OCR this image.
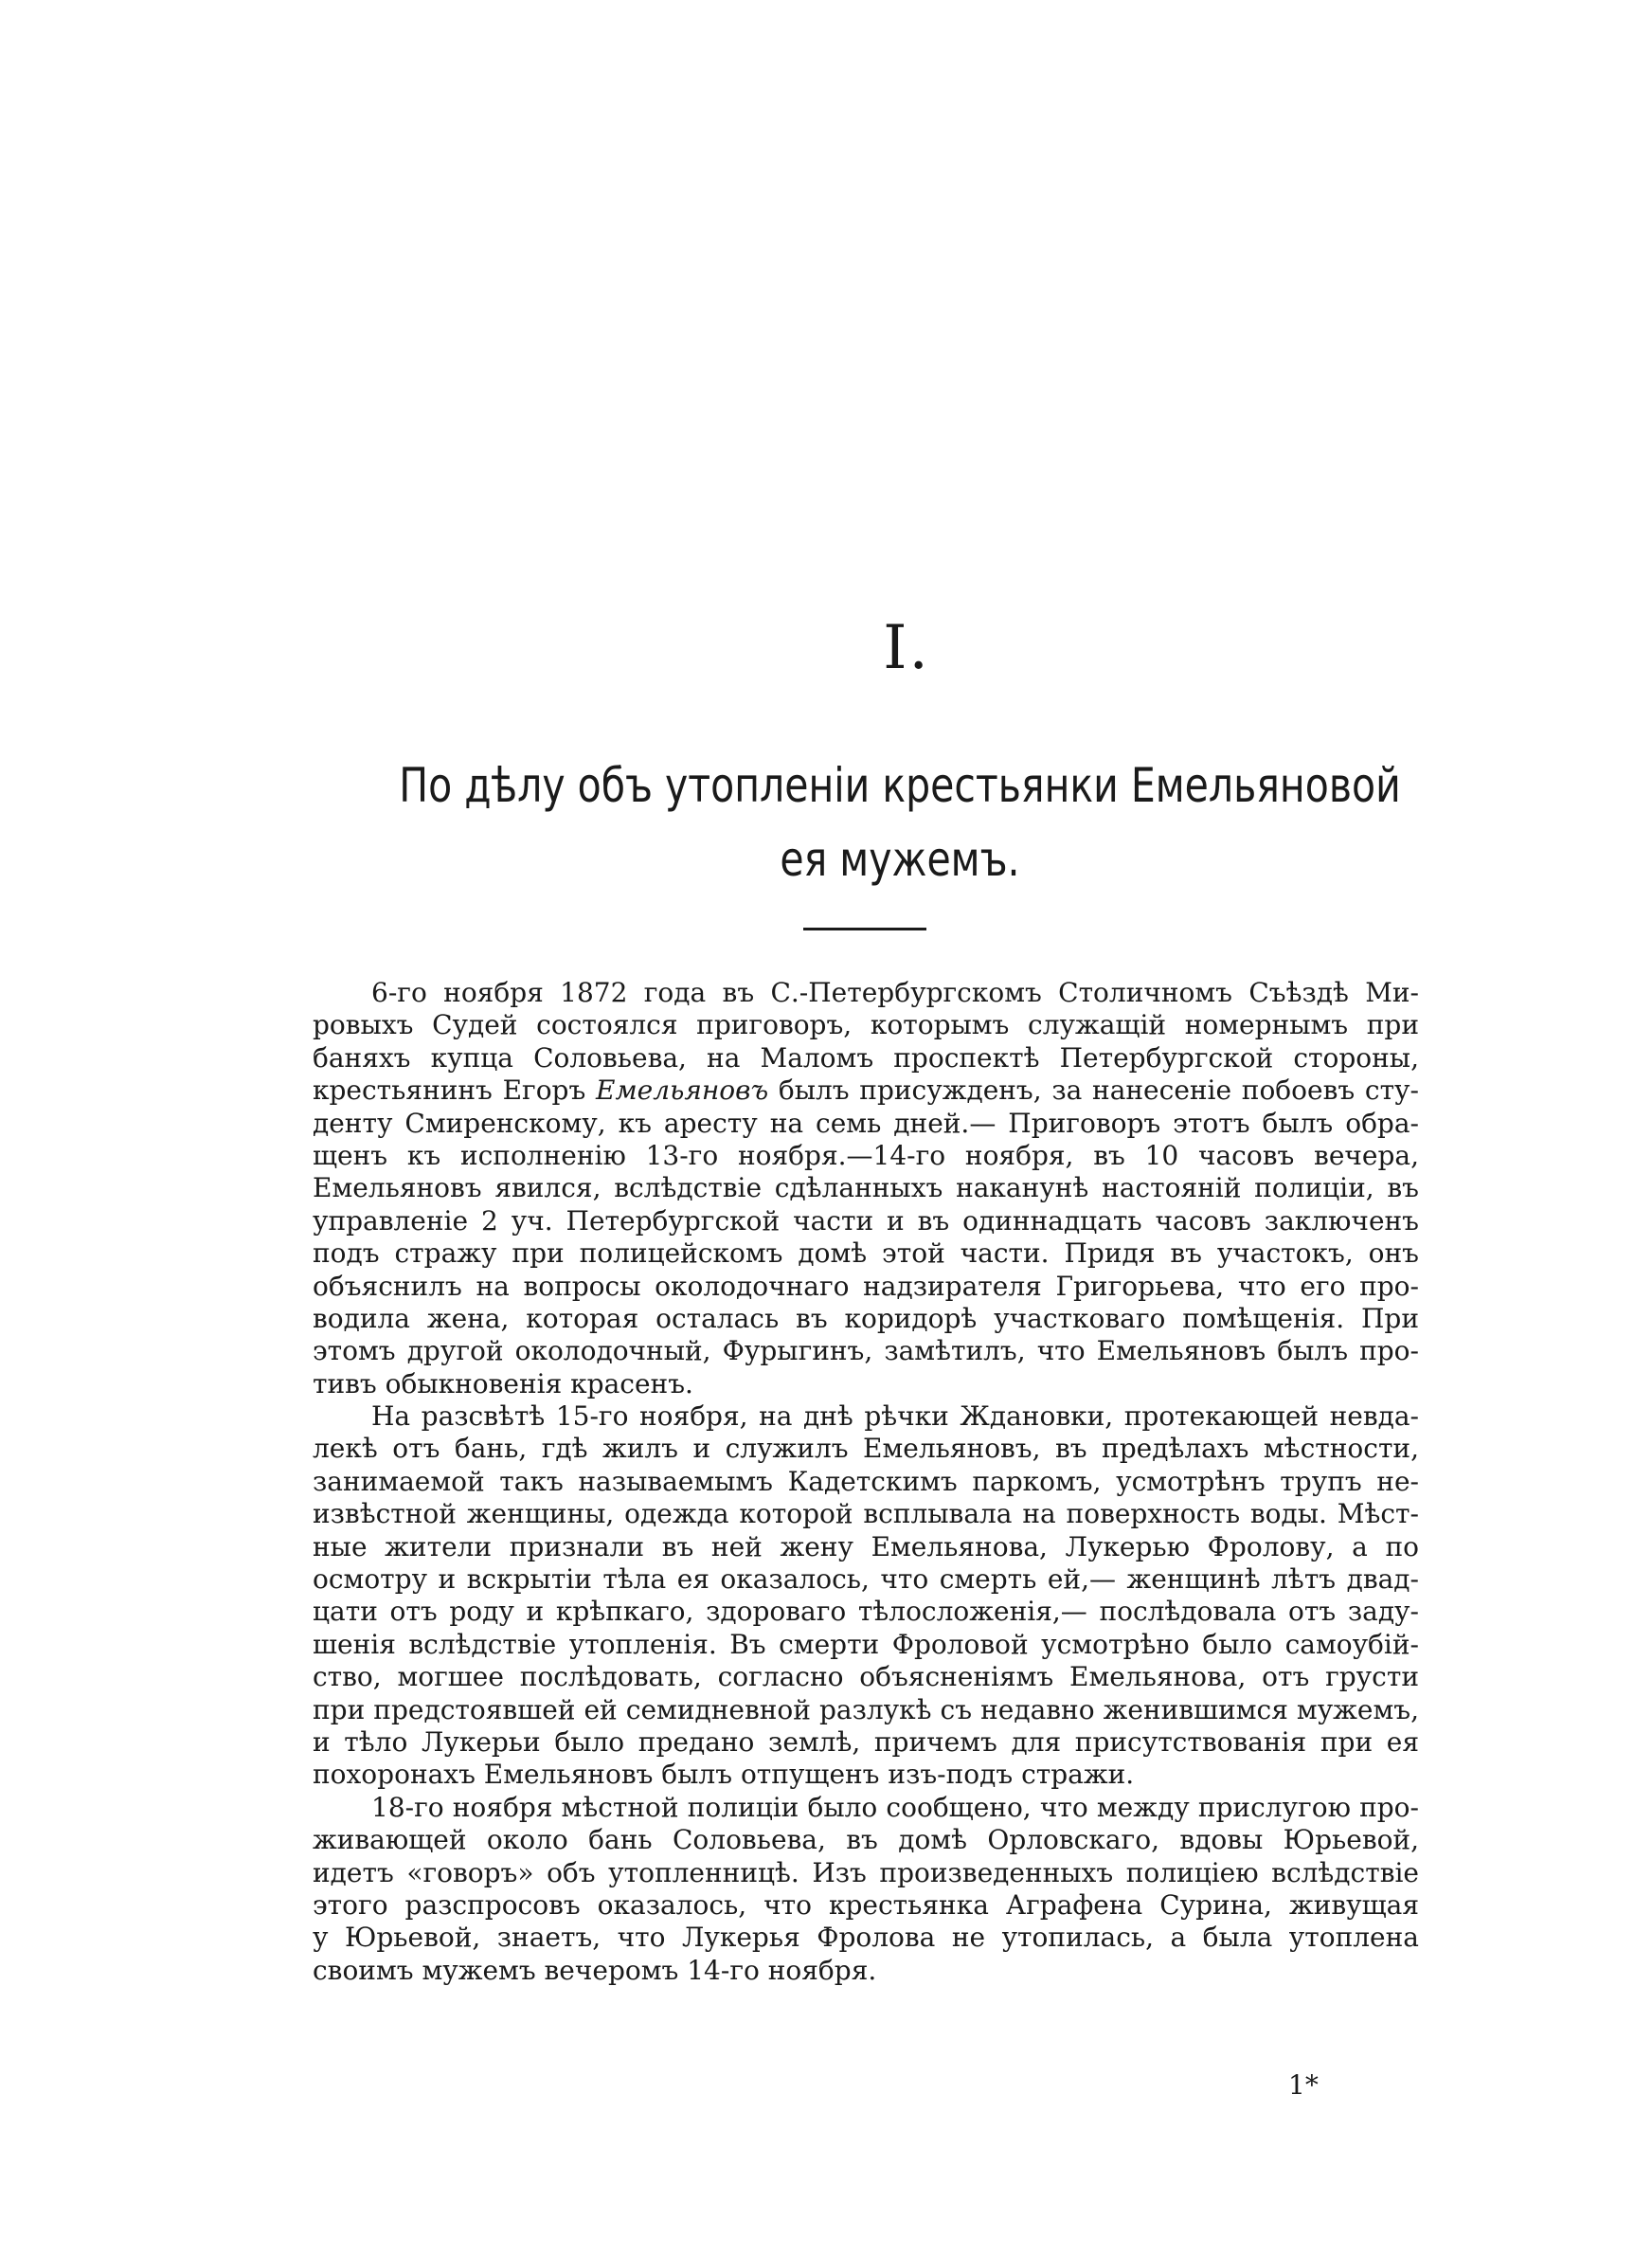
I.
По дѣлу объ утопленіи крестьянки Емельяновой
ея мужемъ.
6-го ноября 1872 года въ С.-Петербургскомъ Столичномъ Съѣздѣ Ми-
ровыхъ Судей состоялся приговоръ, которымъ служащій номернымъ при
баняхъ купца Соловьева, на Маломъ проспектѣ Петербургской стороны,
крестьянинъ Егоръ Емельяновъ былъ присужденъ, за нанесеніе побоевъ сту-
денту Смиренскому, къ аресту на семь дней.— Приговоръ этотъ былъ обра-
щенъ къ исполненію 13-го ноября.—14-го ноября, въ 10 часовъ вечера,
Емельяновъ явился, вслѣдствіе сдѣланныхъ наканунѣ настояній полиціи, въ
управленіе 2 уч. Петербургской части и въ одиннадцать часовъ заключенъ
подъ стражу при полицейскомъ домѣ этой части. Придя въ участокъ, онъ
объяснилъ на вопросы околодочнаго надзирателя Григорьева, что его про-
водила жена, которая осталась въ коридорѣ участковаго помѣщенія. При
этомъ другой околодочный, Фурыгинъ, замѣтилъ, что Емельяновъ былъ про-
тивъ обыкновенія красенъ.
На разсвѣтѣ 15-го ноября, на днѣ рѣчки Ждановки, протекающей невда-
лекѣ отъ бань, гдѣ жилъ и служилъ Емельяновъ, въ предѣлахъ мѣстности,
занимаемой такъ называемымъ Кадетскимъ паркомъ, усмотрѣнъ трупъ не-
извѣстной женщины, одежда которой всплывала на поверхность воды. Мѣст-
ные жители признали въ ней жену Емельянова, Лукерью Фролову, а по
осмотру и вскрытіи тѣла ея оказалось, что смерть ей,— женщинѣ лѣтъ двад-
цати отъ роду и крѣпкаго, здороваго тѣлосложенія,— послѣдовала отъ заду-
шенія вслѣдствіе утопленія. Въ смерти Фроловой усмотрѣно было самоубій-
ство, могшее послѣдовать, согласно объясненіямъ Емельянова, отъ грусти
при предстоявшей ей семидневной разлукѣ съ недавно женившимся мужемъ,
и тѣло Лукерьи было предано землѣ, причемъ для присутствованія при ея
похоронахъ Емельяновъ былъ отпущенъ изъ-подъ стражи.
18-го ноября мѣстной полиціи было сообщено, что между прислугою про-
живающей около бань Соловьева, въ домѣ Орловскаго, вдовы Юрьевой,
идетъ «говоръ» объ утопленницѣ. Изъ произведенныхъ полиціею вслѣдствіе
этого разспросовъ оказалось, что крестьянка Аграфена Сурина, живущая
у Юрьевой, знаетъ, что Лукерья Фролова не утопилась, а была утоплена
своимъ мужемъ вечеромъ 14-го ноября.
1*
